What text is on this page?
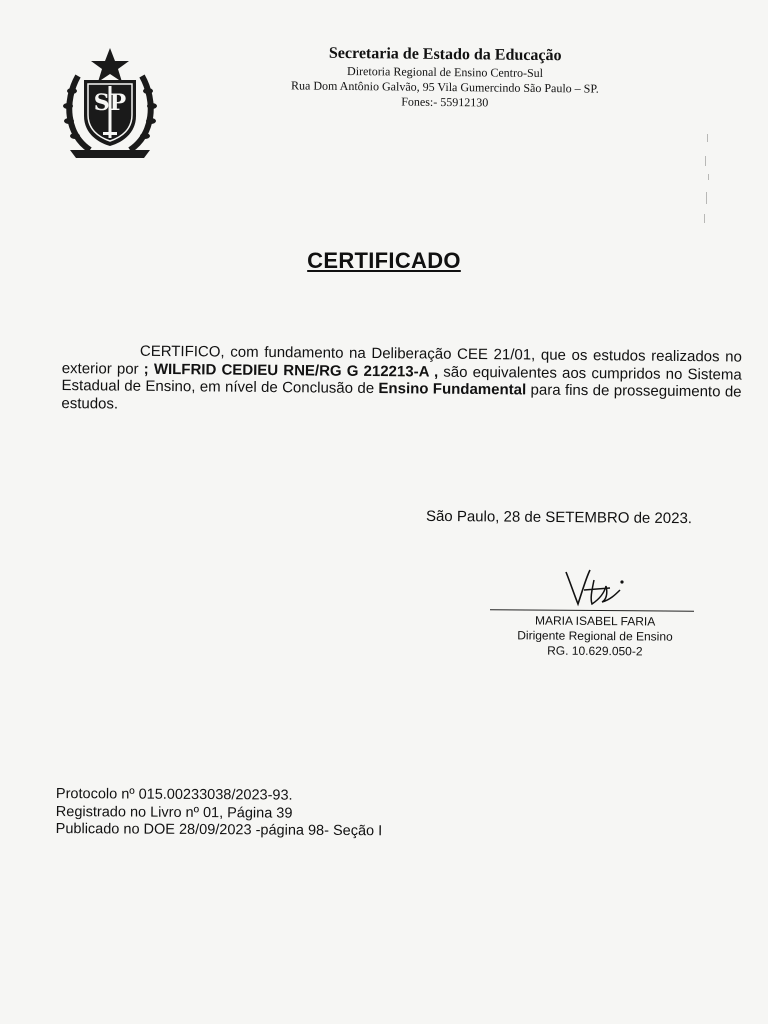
SP
Secretaria de Estado da Educação
Diretoria Regional de Ensino Centro-Sul
Rua Dom Antônio Galvão, 95 Vila Gumercindo São Paulo – SP.
Fones:- 55912130
CERTIFICADO
CERTIFICO, com fundamento na Deliberação CEE 21/01, que os estudos realizados no exterior por ; WILFRID CEDIEU RNE/RG G 212213-A , são equivalentes aos cumpridos no Sistema Estadual de Ensino, em nível de Conclusão de Ensino Fundamental para fins de prosseguimento de estudos.
São Paulo, 28 de SETEMBRO de 2023.
MARIA ISABEL FARIA
Dirigente Regional de Ensino
RG. 10.629.050-2
Protocolo nº 015.00233038/2023-93.
Registrado no Livro nº 01, Página 39
Publicado no DOE 28/09/2023 -página 98- Seção I
